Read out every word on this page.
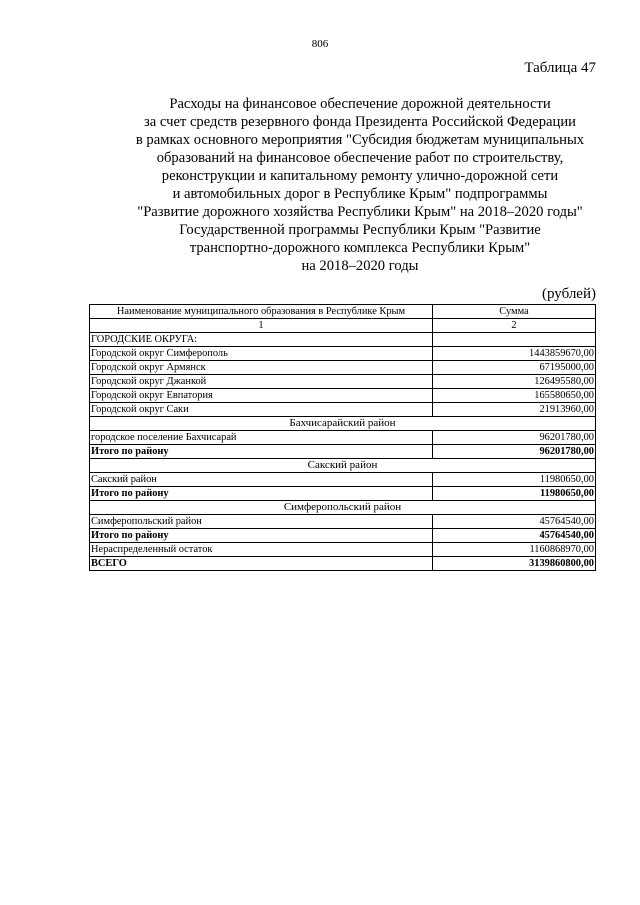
806
Таблица 47
Расходы на финансовое обеспечение дорожной деятельности
за счет средств резервного фонда Президента Российской Федерации
в рамках основного мероприятия "Субсидия бюджетам муниципальных
образований на финансовое обеспечение работ по строительству,
реконструкции и капитальному ремонту улично-дорожной сети
и автомобильных дорог в Республике Крым" подпрограммы
"Развитие дорожного хозяйства Республики Крым" на 2018–2020 годы"
Государственной программы Республики Крым "Развитие
транспортно-дорожного комплекса Республики Крым"
на 2018–2020 годы
(рублей)
Наименование муниципального образования в Республике Крым	Сумма
1	2
ГОРОДСКИЕ ОКРУГА:	
Городской округ Симферополь	1443859670,00
Городской округ Армянск	67195000,00
Городской округ Джанкой	126495580,00
Городской округ Евпатория	165580650,00
Городской округ Саки	21913960,00
Бахчисарайский район	
городское поселение Бахчисарай	96201780,00
Итого по району	96201780,00
Сакский район	
Сакский район	11980650,00
Итого по району	11980650,00
Симферопольский район	
Симферопольский район	45764540,00
Итого по району	45764540,00
Нераспределенный остаток	1160868970,00
ВСЕГО	3139860800,00
